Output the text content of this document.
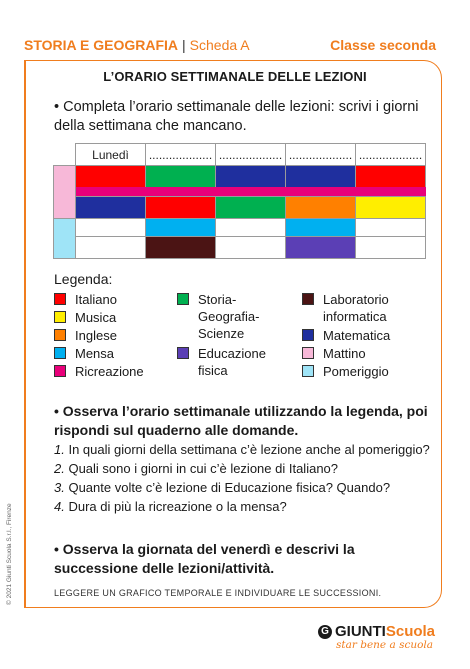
STORIA E GEOGRAFIA | Scheda A	Classe seconda
L’ORARIO SETTIMANALE DELLE LEZIONI
• Completa l’orario settimanale delle lezioni: scrivi i giorni della settimana che mancano.
Lunedì	................... ................... ................... ...................
Legenda:
Italiano
Musica
Inglese
Mensa
Ricreazione
Storia-
Geografia-
Scienze
Educazione
fisica
Laboratorio
informatica
Matematica
Mattino
Pomeriggio
• Osserva l’orario settimanale utilizzando la legenda, poi rispondi sul quaderno alle domande.
1. In quali giorni della settimana c’è lezione anche al pomeriggio?
2. Quali sono i giorni in cui c’è lezione di Italiano?
3. Quante volte c’è lezione di Educazione fisica? Quando?
4. Dura di più la ricreazione o la mensa?
• Osserva la giornata del venerdì e descrivi la successione delle lezioni/attività.
LEGGERE UN GRAFICO TEMPORALE E INDIVIDUARE LE SUCCESSIONI.
© 2021 Giunti Scuola S.r.l., Firenze
G GIUNTI Scuola
star bene a scuola
